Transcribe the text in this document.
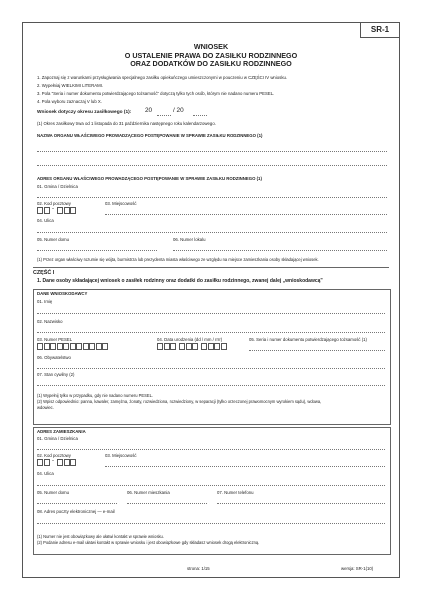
SR-1
WNIOSEK
O USTALENIE PRAWA DO ZASIŁKU RODZINNEGO
ORAZ DODATKÓW DO ZASIŁKU RODZINNEGO
1. Zapoznaj się z warunkami przysługiwania specjalnego zasiłku opiekuńczego umieszczonymi w pouczeniu w CZĘŚCI IV wniosku.
2. Wypełniaj WIELKIMI LITERAMI.
3. Pola "Seria i numer dokumentu potwierdzającego tożsamość" dotyczą tylko tych osób, którym nie nadano numeru PESEL.
4. Pola wyboru zaznaczaj V lub X.
Wniosek dotyczy okresu zasiłkowego (1): 20	/ 20
(1) Okres zasiłkowy trwa od 1 listopada do 31 października następnego roku kalendarzowego.
NAZWA ORGANU WŁAŚCIWEGO PROWADZĄCEGO POSTĘPOWANIE W SPRAWIE ZASIŁKU RODZINNEGO (1)
ADRES ORGANU WŁAŚCIWEGO PROWADZĄCEGO POSTĘPOWANIE W SPRAWIE ZASIŁKU RODZINNEGO (1)
01. Gmina / Dzielnica
02. Kod pocztowy
-
03. Miejscowość
04. Ulica
05. Numer domu	06. Numer lokalu
(1) Przez organ właściwy rozumie się wójta, burmistrza lub prezydenta miasta właściwego ze względu na miejsce zamieszkania osoby składającej wniosek.
CZĘŚĆ I
1. Dane osoby składającej wniosek o zasiłek rodzinny oraz dodatki do zasiłku rodzinnego, zwanej dalej „wnioskodawcą"
DANE WNIOSKODAWCY
01. Imię
02. Nazwisko
03. Numer PESEL	04. Data urodzenia (dd / mm / rrrr)	05. Seria i numer dokumentu potwierdzającego tożsamość (1)
06. Obywatelstwo
07. Stan cywilny (2)
(1) Wypełnij tylko w przypadku, gdy nie nadano numeru PESEL.
(2) Wpisz odpowiednio: panna, kawaler, zamężna, żonaty, rozwiedziona, rozwiedziony, w separacji (tylko orzeczonej prawomocnym wyrokiem sądu), wdowa,
wdowiec.
ADRES ZAMIESZKANIA
01. Gmina / Dzielnica
02. Kod pocztowy
-
03. Miejscowość
04. Ulica
05. Numer domu	06. Numer mieszkania	07. Numer telefonu
08. Adres poczty elektronicznej — e-mail
(1) Numer nie jest obowiązkowy ale ułatwi kontakt w sprawie wniosku.
(2) Podanie adresu e-mail ułatwi kontakt w sprawie wniosku i jest obowiązkowe gdy składasz wniosek drogą elektroniczną.
strona: 1/15	wersja: SR-1(10)
